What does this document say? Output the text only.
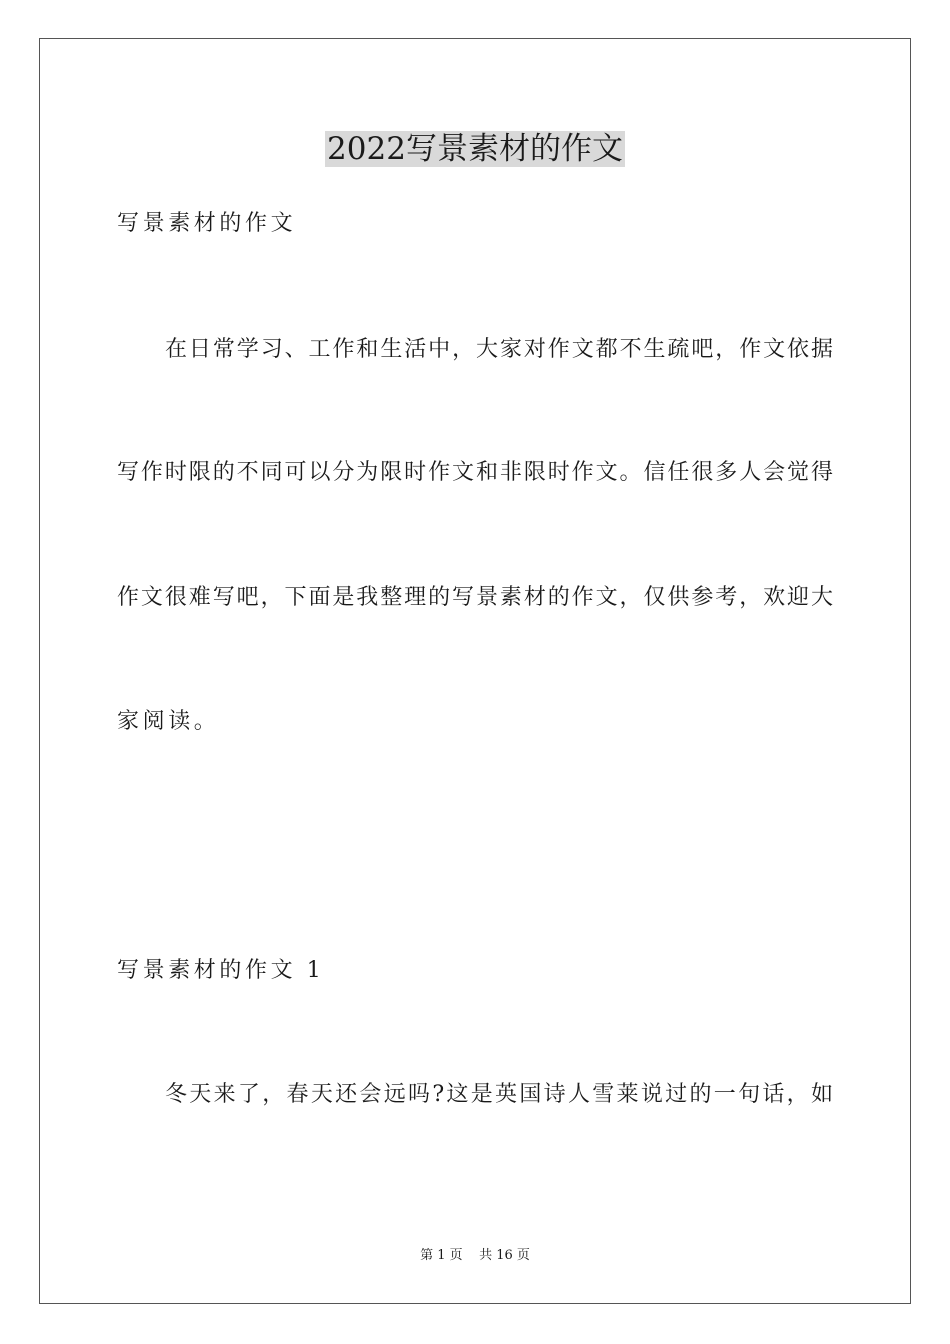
2022写景素材的作文
写景素材的作文
在日常学习、工作和生活中，大家对作文都不生疏吧，作文依据
写作时限的不同可以分为限时作文和非限时作文。信任很多人会觉得
作文很难写吧，下面是我整理的写景素材的作文，仅供参考，欢迎大
家阅读。
写景素材的作文 1
冬天来了，春天还会远吗?这是英国诗人雪莱说过的一句话，如
第 1 页    共 16 页
